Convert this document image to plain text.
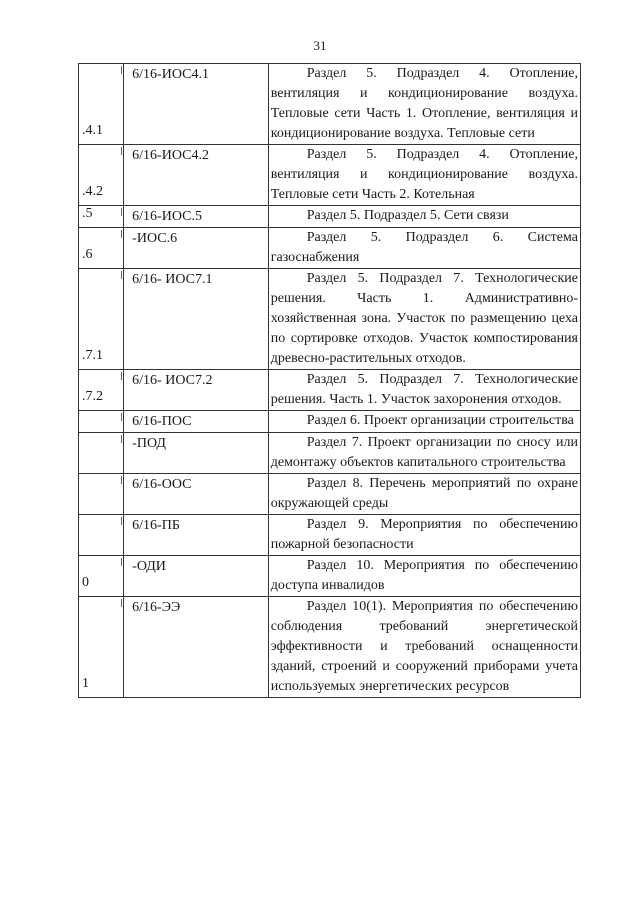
31
.4.1	6/16-ИОС4.1	Раздел 5. Подраздел 4. Отопление, вентиляция и кондиционирование воздуха. Тепловые сети Часть 1. Отопление, вентиляция и кондиционирование воздуха. Тепловые сети

.4.2	6/16-ИОС4.2	Раздел 5. Подраздел 4. Отопление, вентиляция и кондиционирование воздуха. Тепловые сети Часть 2. Котельная

.5	6/16-ИОС.5	Раздел 5. Подраздел 5. Сети связи

.6	-ИОС.6	Раздел 5. Подраздел 6. Система газоснабжения

.7.1	6/16- ИОС7.1	Раздел 5. Подраздел 7. Технологические решения. Часть 1. Административно-хозяйственная зона. Участок по размещению цеха по сортировке отходов. Участок компостирования древесно-растительных отходов.

.7.2	6/16- ИОС7.2	Раздел 5. Подраздел 7. Технологические решения. Часть 1. Участок захоронения отходов.

	6/16-ПОС	Раздел 6. Проект организации строительства

	-ПОД	Раздел 7. Проект организации по сносу или демонтажу объектов капитального строительства

	6/16-ООС	Раздел 8. Перечень мероприятий по охране окружающей среды

	6/16-ПБ	Раздел 9. Мероприятия по обеспечению пожарной безопасности

0	-ОДИ	Раздел 10. Мероприятия по обеспечению доступа инвалидов

1	6/16-ЭЭ	Раздел 10(1). Мероприятия по обеспечению соблюдения требований энергетической эффективности и требований оснащенности зданий, строений и сооружений приборами учета используемых энергетических ресурсов
